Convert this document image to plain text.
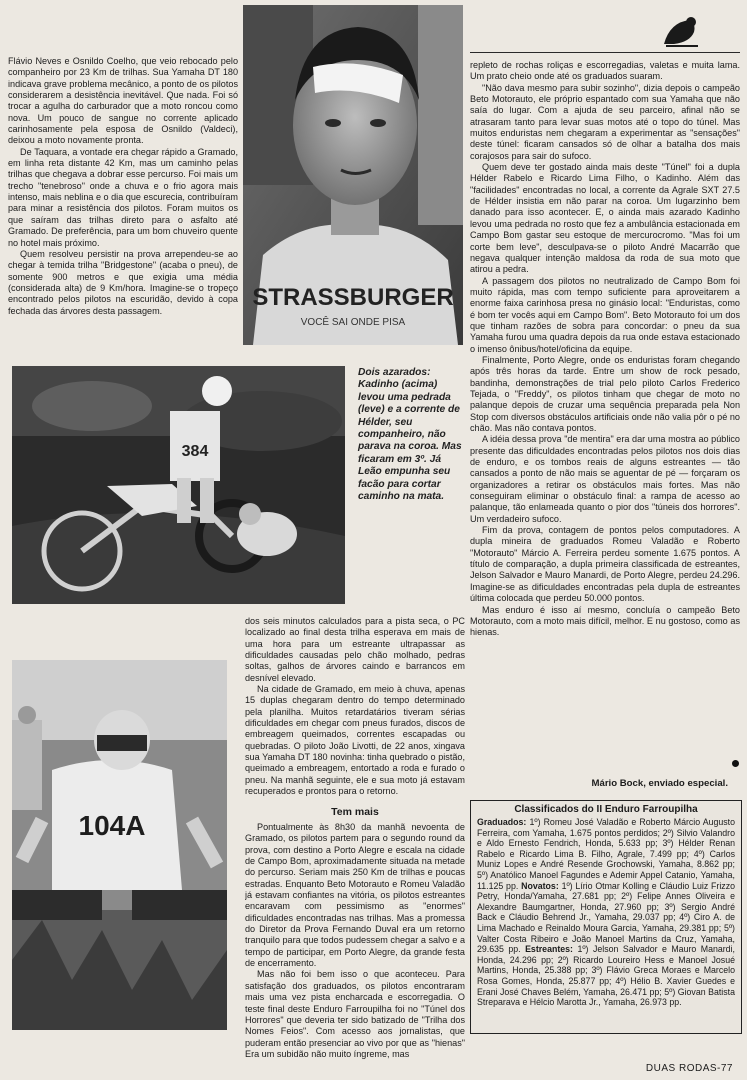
Flávio Neves e Osnildo Coelho, que veio rebocado pelo companheiro por 23 Km de trilhas. Sua Yamaha DT 180 indicava grave problema mecânico, a ponto de os pilotos considerarem a desistência inevitável. Que nada. Foi só trocar a agulha do carburador que a moto roncou como nova. Um pouco de sangue no corrente aplicado carinhosamente pela esposa de Osnildo (Valdeci), deixou a moto novamente pronta.

De Taquara, a vontade era chegar rápido a Gramado, em linha reta distante 42 Km, mas um caminho pelas trilhas que chegava a dobrar esse percurso. Foi mais um trecho "tenebroso" onde a chuva e o frio agora mais intenso, mais neblina e o dia que escurecia, contribuíram para minar a resistência dos pilotos. Foram muitos os que saíram das trilhas direto para o asfalto até Gramado. De preferência, para um bom chuveiro quente no hotel mais próximo.

Quem resolveu persistir na prova arrependeu-se ao chegar à temida trilha "Bridgestone" (acaba o pneu), de somente 900 metros e que exigia uma média (considerada alta) de 9 Km/hora. Imagine-se o tropeço encontrado pelos pilotos na escuridão, devido à copa fechada das árvores desta passagem.	STRASSBURGER
VOCÊ SAI ONDE PISA

repleto de rochas roliças e escorregadias, valetas e muita lama. Um prato cheio onde até os graduados suaram.

"Não dava mesmo para subir sozinho", dizia depois o campeão Beto Motorauto, ele próprio espantado com sua Yamaha que não saía do lugar. Com a ajuda de seu parceiro, afinal não se atrasaram tanto para levar suas motos até o topo do túnel. Mas muitos enduristas nem chegaram a experimentar as "sensações" deste túnel: ficaram cansados só de olhar a batalha dos mais corajosos para sair do sufoco.

Quem deve ter gostado ainda mais deste "Túnel" foi a dupla Hélder Rabelo e Ricardo Lima Filho, o Kadinho. Além das "facilidades" encontradas no local, a corrente da Agrale SXT 27.5 de Hélder insistia em não parar na coroa. Um lugarzinho bem danado para isso acontecer. E, o ainda mais azarado Kadinho levou uma pedrada no rosto que fez a ambulância estacionada em Campo Bom gastar seu estoque de mercurocromo. "Mas foi um corte bem leve", desculpava-se o piloto André Macarrão que negava qualquer intenção maldosa da roda de sua moto que atirou a pedra.

A passagem dos pilotos no neutralizado de Campo Bom foi muito rápida, mas com tempo suficiente para aproveitarem a enorme faixa carinhosa presa no ginásio local: "Enduristas, como é bom ter vocês aqui em Campo Bom". Beto Motorauto foi um dos que tinham razões de sobra para concordar: o pneu da sua Yamaha furou uma quadra depois da rua onde estava estacionado o imenso ônibus/hotel/oficina da equipe.

Finalmente, Porto Alegre, onde os enduristas foram chegando após três horas da tarde. Entre um show de rock pesado, bandinha, demonstrações de trial pelo piloto Carlos Frederico Tejada, o "Freddy", os pilotos tinham que chegar de moto no palanque depois de cruzar uma sequência preparada pela Non Stop com diversos obstáculos artificiais onde não valia pôr o pé no chão. Mas não contava pontos.

A idéia dessa prova "de mentira" era dar uma mostra ao público presente das dificuldades encontradas pelos pilotos nos dois dias de enduro, e os tombos reais de alguns estreantes — tão cansados a ponto de não mais se aguentar de pé — forçaram os organizadores a retirar os obstáculos mais fortes. Mas não conseguiram eliminar o obstáculo final: a rampa de acesso ao palanque, tão enlameada quanto o pior dos "túneis dos horrores". Um verdadeiro sufoco.

Fim da prova, contagem de pontos pelos computadores. A dupla mineira de graduados Romeu Valadão e Roberto "Motorauto" Márcio A. Ferreira perdeu somente 1.675 pontos. A título de comparação, a dupla primeira classificada de estreantes, Jelson Salvador e Mauro Manardi, de Porto Alegre, perdeu 24.296. Imagine-se as dificuldades encontradas pela dupla de estreantes última colocada que perdeu 50.000 pontos.

Mas enduro é isso aí mesmo, concluía o campeão Beto Motorauto, com a moto mais difícil, melhor. E nu gostoso, como as hienas.

Mário Bock, enviado especial.
384
Dois azarados: Kadinho (acima) levou uma pedrada (leve) e a corrente de Hélder, seu companheiro, não parava na coroa. Mas ficaram em 3º. Já Leão empunha seu facão para cortar caminho na mata.

dos seis minutos calculados para a pista seca, o PC localizado ao final desta trilha esperava em mais de uma hora para um estreante ultrapassar as dificuldades causadas pelo chão molhado, pedras soltas, galhos de árvores caindo e barrancos em desnível elevado.

Na cidade de Gramado, em meio à chuva, apenas 15 duplas chegaram dentro do tempo determinado pela planilha. Muitos retardatários tiveram sérias dificuldades em chegar com pneus furados, discos de embreagem queimados, correntes escapadas ou quebradas. O piloto João Livotti, de 22 anos, xingava sua Yamaha DT 180 novinha: tinha quebrado o pistão, queimado a embreagem, entortado a roda e furado o pneu. Na manhã seguinte, ele e sua moto já estavam recuperados e prontos para o retorno.

Tem mais

Pontualmente às 8h30 da manhã nevoenta de Gramado, os pilotos partem para o segundo round da prova, com destino a Porto Alegre e escala na cidade de Campo Bom, aproximadamente situada na metade do percurso. Seriam mais 250 Km de trilhas e poucas estradas. Enquanto Beto Motorauto e Romeu Valadão já estavam confiantes na vitória, os pilotos estreantes encaravam com pessimismo as "enormes" dificuldades encontradas nas trilhas. Mas a promessa do Diretor da Prova Fernando Duval era um retorno tranquilo para que todos pudessem chegar a salvo e a tempo de participar, em Porto Alegre, da grande festa de encerramento.

Mas não foi bem isso o que aconteceu. Para satisfação dos graduados, os pilotos encontraram mais uma vez pista encharcada e escorregadia. O teste final deste Enduro Farroupilha foi no "Túnel dos Horrores" que deveria ter sido batizado de "Trilha dos Nomes Feios". Com acesso aos jornalistas, que puderam então presenciar ao vivo por que as "hienas" Era um subidão não muito íngreme, mas

104A
Classificados do II Enduro Farroupilha
Graduados: 1º) Romeu José Valadão e Roberto Márcio Augusto Ferreira, com Yamaha, 1.675 pontos perdidos; 2º) Silvio Valandro e Aldo Ernesto Fendrich, Honda, 5.633 pp; 3º) Hélder Renan Rabelo e Ricardo Lima B. Filho, Agrale, 7.499 pp; 4º) Carlos Muniz Lopes e André Resende Grochowski, Yamaha, 8.862 pp; 5º) Anatólico Manoel Fagundes e Ademir Appel Catanio, Yamaha, 11.125 pp. Novatos: 1º) Lírio Otmar Kolling e Cláudio Luiz Frizzo Petry, Honda/Yamaha, 27.681 pp; 2º) Felipe Annes Oliveira e Alexandre Baumgartner, Honda, 27.960 pp; 3º) Sergio André Back e Cláudio Behrend Jr., Yamaha, 29.037 pp; 4º) Ciro A. de Lima Machado e Reinaldo Moura Garcia, Yamaha, 29.381 pp; 5º) Valter Costa Ribeiro e João Manoel Martins da Cruz, Yamaha, 29.635 pp. Estreantes: 1º) Jelson Salvador e Mauro Manardi, Honda, 24.296 pp; 2º) Ricardo Loureiro Hess e Manoel Josué Martins, Honda, 25.388 pp; 3º) Flávio Greca Moraes e Marcelo Rosa Gomes, Honda, 25.877 pp; 4º) Hélio B. Xavier Guedes e Erani José Chaves Belém, Yamaha, 26.471 pp; 5º) Giovan Batista Streparava e Hélcio Marotta Jr., Yamaha, 26.973 pp.
DUAS RODAS-77
